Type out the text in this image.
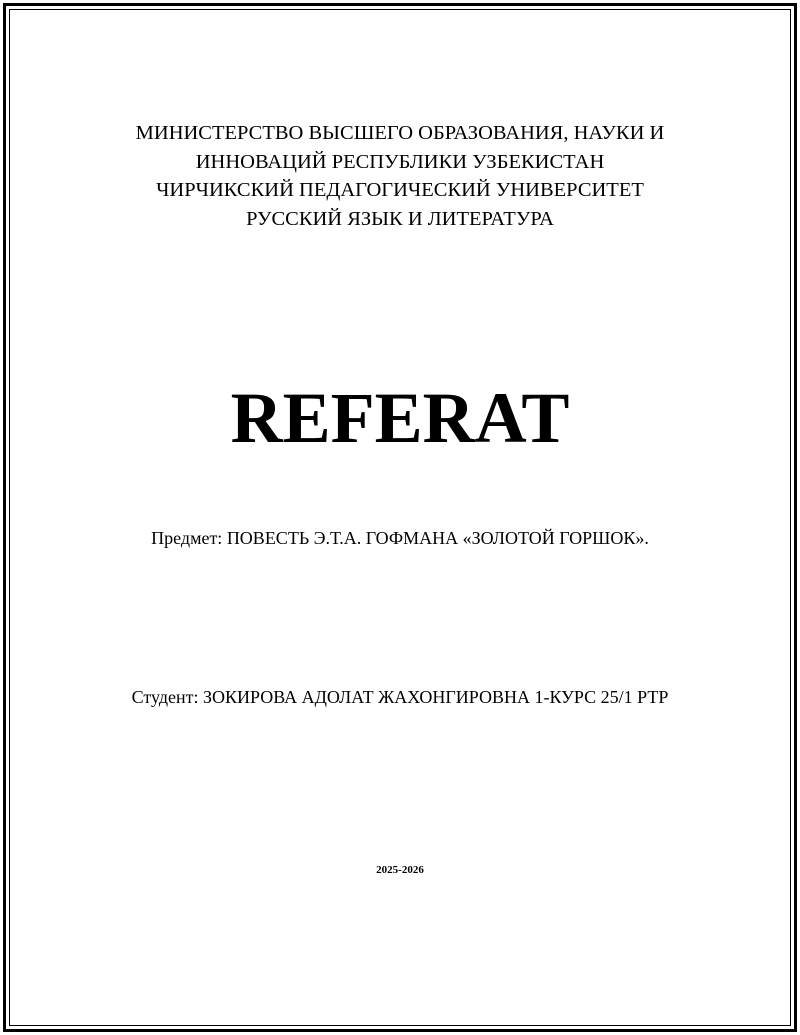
МИНИСТЕРСТВО ВЫСШЕГО ОБРАЗОВАНИЯ, НАУКИ И
ИННОВАЦИЙ РЕСПУБЛИКИ УЗБЕКИСТАН
ЧИРЧИКСКИЙ ПЕДАГОГИЧЕСКИЙ УНИВЕРСИТЕТ
РУССКИЙ ЯЗЫК И ЛИТЕРАТУРА
REFERAT
Предмет: ПОВЕСТЬ Э.Т.А. ГОФМАНА «ЗОЛОТОЙ ГОРШОК».
Студент: ЗОКИРОВА АДОЛАТ ЖАХОНГИРОВНА 1-КУРС 25/1 РТР
2025-2026
